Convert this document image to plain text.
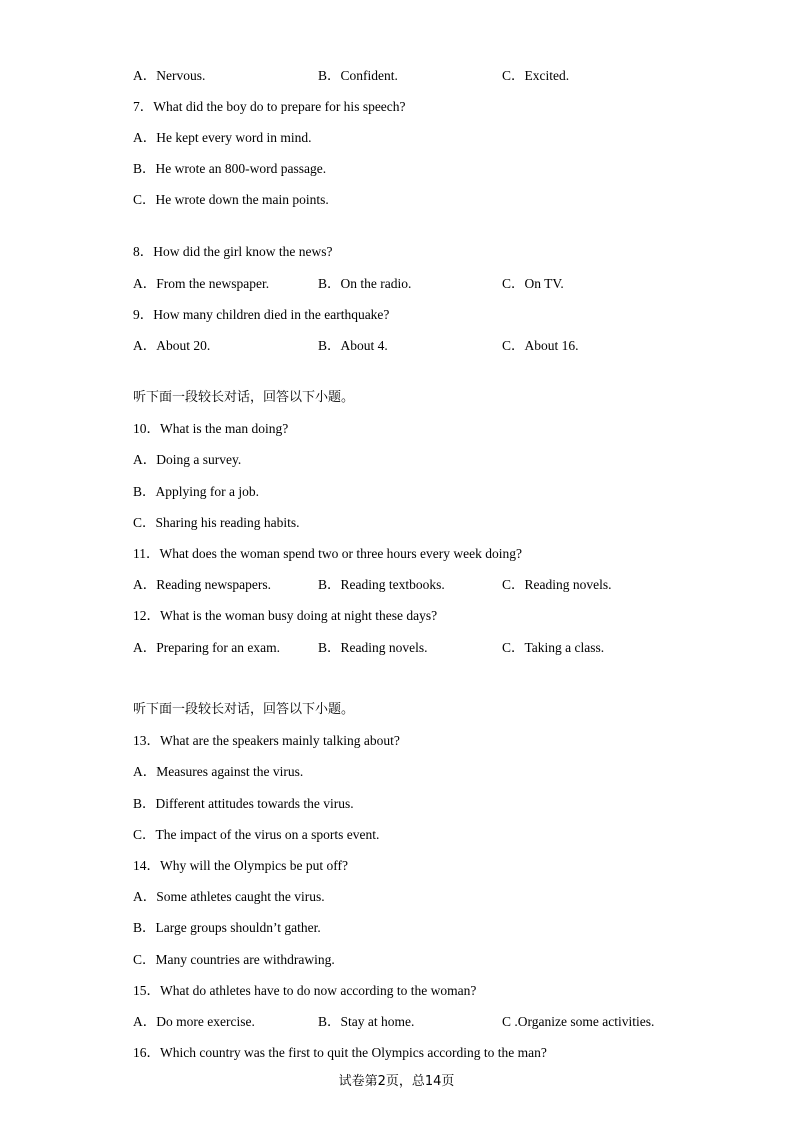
A．Nervous.	B．Confident.	C．Excited.
7．What did the boy do to prepare for his speech?
A．He kept every word in mind.
B．He wrote an 800-word passage.
C．He wrote down the main points.
8．How did the girl know the news?
A．From the newspaper.	B．On the radio.	C．On TV.
9．How many children died in the earthquake?
A．About 20.	B．About 4.	C．About 16.
听下面一段较长对话，回答以下小题。
10．What is the man doing?
A．Doing a survey.
B．Applying for a job.
C．Sharing his reading habits.
11．What does the woman spend two or three hours every week doing?
A．Reading newspapers.	B．Reading textbooks.	C．Reading novels.
12．What is the woman busy doing at night these days?
A．Preparing for an exam.	B．Reading novels.	C．Taking a class.
听下面一段较长对话，回答以下小题。
13．What are the speakers mainly talking about?
A．Measures against the virus.
B．Different attitudes towards the virus.
C．The impact of the virus on a sports event.
14．Why will the Olympics be put off?
A．Some athletes caught the virus.
B．Large groups shouldn’t gather.
C．Many countries are withdrawing.
15．What do athletes have to do now according to the woman?
A．Do more exercise.	B．Stay at home.	C .Organize some activities.
16．Which country was the first to quit the Olympics according to the man?
试卷第2页，总14页
